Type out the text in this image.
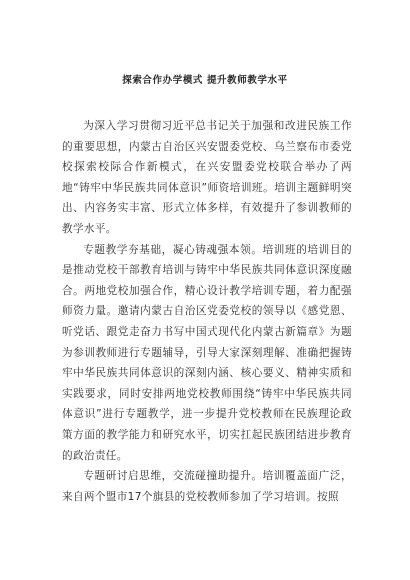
探索合作办学模式 提升教师教学水平

为深入学习贯彻习近平总书记关于加强和改进民族工作的重要思想，内蒙古自治区兴安盟委党校、乌兰察布市委党校探索校际合作新模式，在兴安盟委党校联合举办了两地“铸牢中华民族共同体意识”师资培训班。培训主题鲜明突出、内容务实丰富、形式立体多样，有效提升了参训教师的教学水平。

专题教学夯基础，凝心铸魂强本领。培训班的培训目的是推动党校干部教育培训与铸牢中华民族共同体意识深度融合。两地党校加强合作，精心设计教学培训专题，着力配强师资力量。邀请内蒙古自治区党委党校的领导以《感党恩、听党话、跟党走奋力书写中国式现代化内蒙古新篇章》为题为参训教师进行专题辅导，引导大家深刻理解、准确把握铸牢中华民族共同体意识的深刻内涵、核心要义、精神实质和实践要求，同时安排两地党校教师围绕“铸牢中华民族共同体意识”进行专题教学，进一步提升党校教师在民族理论政策方面的教学能力和研究水平，切实扛起民族团结进步教育的政治责任。

专题研讨启思维，交流碰撞助提升。培训覆盖面广泛，来自两个盟市17个旗县的党校教师参加了学习培训。按照
